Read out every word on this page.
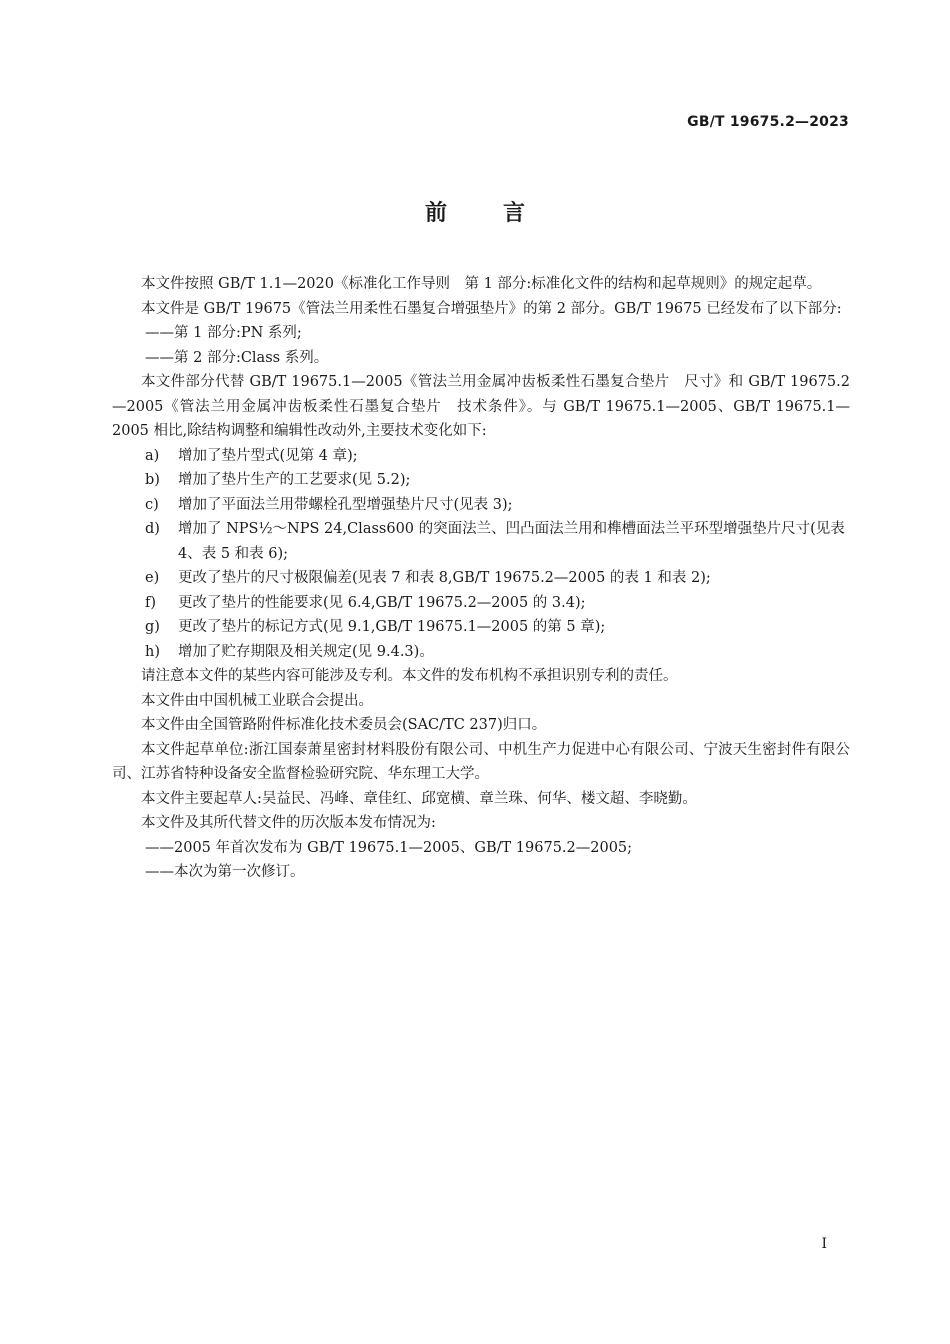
GB/T 19675.2—2023
前言

本文件按照 GB/T 1.1—2020《标准化工作导则　第 1 部分:标准化文件的结构和起草规则》的规定起草。

本文件是 GB/T 19675《管法兰用柔性石墨复合增强垫片》的第 2 部分。GB/T 19675 已经发布了以下部分:

——第 1 部分:PN 系列;

——第 2 部分:Class 系列。

本文件部分代替 GB/T 19675.1—2005《管法兰用金属冲齿板柔性石墨复合垫片　尺寸》和 GB/T 19675.2—2005《管法兰用金属冲齿板柔性石墨复合垫片　技术条件》。与 GB/T 19675.1—2005、GB/T 19675.1—2005 相比,除结构调整和编辑性改动外,主要技术变化如下:

a) 增加了垫片型式(见第 4 章);
b) 增加了垫片生产的工艺要求(见 5.2);
c) 增加了平面法兰用带螺栓孔型增强垫片尺寸(见表 3);
d) 增加了 NPS½～NPS 24,Class600 的突面法兰、凹凸面法兰用和榫槽面法兰平环型增强垫片尺寸(见表 4、表 5 和表 6);
e) 更改了垫片的尺寸极限偏差(见表 7 和表 8,GB/T 19675.2—2005 的表 1 和表 2);
f) 更改了垫片的性能要求(见 6.4,GB/T 19675.2—2005 的 3.4);
g) 更改了垫片的标记方式(见 9.1,GB/T 19675.1—2005 的第 5 章);
h) 增加了贮存期限及相关规定(见 9.4.3)。

请注意本文件的某些内容可能涉及专利。本文件的发布机构不承担识别专利的责任。

本文件由中国机械工业联合会提出。

本文件由全国管路附件标准化技术委员会(SAC/TC 237)归口。

本文件起草单位:浙江国泰萧星密封材料股份有限公司、中机生产力促进中心有限公司、宁波天生密封件有限公司、江苏省特种设备安全监督检验研究院、华东理工大学。

本文件主要起草人:吴益民、冯峰、章佳红、邱宽横、章兰珠、何华、楼文超、李晓勤。

本文件及其所代替文件的历次版本发布情况为:

——2005 年首次发布为 GB/T 19675.1—2005、GB/T 19675.2—2005;

——本次为第一次修订。

I
